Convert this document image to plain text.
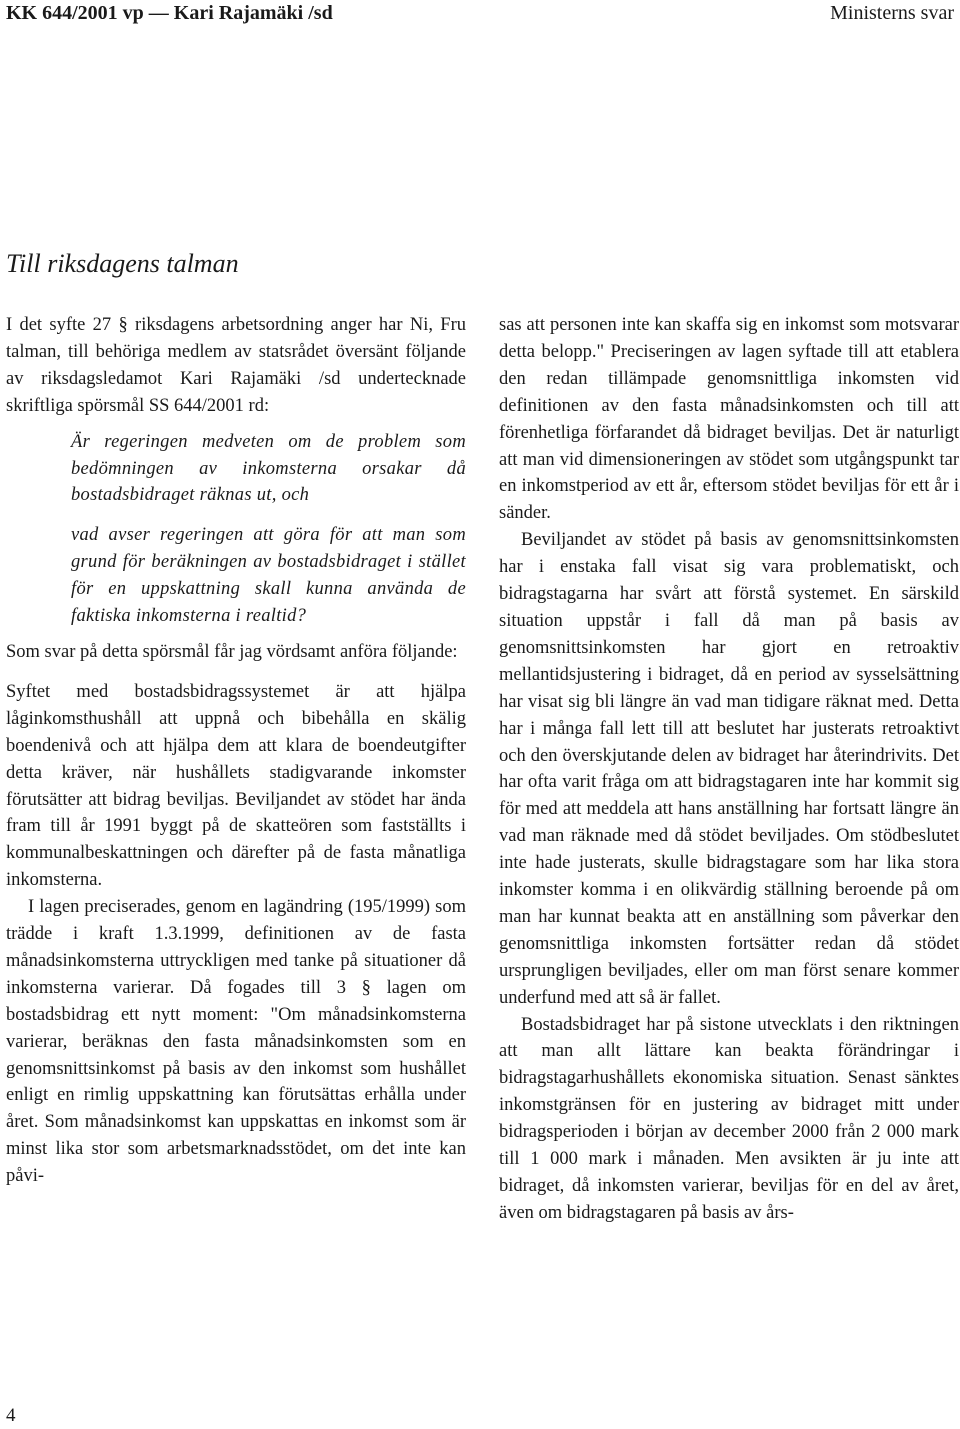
KK 644/2001 vp — Kari Rajamäki /sd	Ministerns svar
Till riksdagens talman

I det syfte 27 § riksdagens arbetsordning anger har Ni, Fru talman, till behöriga medlem av statsrådet översänt följande av riksdagsledamot Kari Rajamäki /sd undertecknade skriftliga spörsmål SS 644/2001 rd:

Är regeringen medveten om de problem som bedömningen av inkomsterna orsakar då bostadsbidraget räknas ut, och

vad avser regeringen att göra för att man som grund för beräkningen av bostadsbidraget i stället för en uppskattning skall kunna använda de faktiska inkomsterna i realtid?

Som svar på detta spörsmål får jag vördsamt anföra följande:

Syftet med bostadsbidragssystemet är att hjälpa låginkomsthushåll att uppnå och bibehålla en skälig boendenivå och att hjälpa dem att klara de boendeutgifter detta kräver, när hushållets stadigvarande inkomster förutsätter att bidrag beviljas. Beviljandet av stödet har ända fram till år 1991 byggt på de skatteören som fastställts i kommunalbeskattningen och därefter på de fasta månatliga inkomsterna.

I lagen preciserades, genom en lagändring (195/1999) som trädde i kraft 1.3.1999, definitionen av de fasta månadsinkomsterna uttryckligen med tanke på situationer då inkomsterna varierar. Då fogades till 3 § lagen om bostadsbidrag ett nytt moment: "Om månadsinkomsterna varierar, beräknas den fasta månadsinkomsten som en genomsnittsinkomst på basis av den inkomst som hushållet enligt en rimlig uppskattning kan förutsättas erhålla under året. Som månadsinkomst kan uppskattas en inkomst som är minst lika stor som arbetsmarknadsstödet, om det inte kan påvi-

sas att personen inte kan skaffa sig en inkomst som motsvarar detta belopp." Preciseringen av lagen syftade till att etablera den redan tillämpade genomsnittliga inkomsten vid definitionen av den fasta månadsinkomsten och till att förenhetliga förfarandet då bidraget beviljas. Det är naturligt att man vid dimensioneringen av stödet som utgångspunkt tar en inkomstperiod av ett år, eftersom stödet beviljas för ett år i sänder.

Beviljandet av stödet på basis av genomsnittsinkomsten har i enstaka fall visat sig vara problematiskt, och bidragstagarna har svårt att förstå systemet. En särskild situation uppstår i fall då man på basis av genomsnittsinkomsten har gjort en retroaktiv mellantidsjustering i bidraget, då en period av sysselsättning har visat sig bli längre än vad man tidigare räknat med. Detta har i många fall lett till att beslutet har justerats retroaktivt och den överskjutande delen av bidraget har återindrivits. Det har ofta varit fråga om att bidragstagaren inte har kommit sig för med att meddela att hans anställning har fortsatt längre än vad man räknade med då stödet beviljades. Om stödbeslutet inte hade justerats, skulle bidragstagare som har lika stora inkomster komma i en olikvärdig ställning beroende på om man har kunnat beakta att en anställning som påverkar den genomsnittliga inkomsten fortsätter redan då stödet ursprungligen beviljades, eller om man först senare kommer underfund med att så är fallet.

Bostadsbidraget har på sistone utvecklats i den riktningen att man allt lättare kan beakta förändringar i bidragstagarhushållets ekonomiska situation. Senast sänktes inkomstgränsen för en justering av bidraget mitt under bidragsperioden i början av december 2000 från 2 000 mark till 1 000 mark i månaden. Men avsikten är ju inte att bidraget, då inkomsten varierar, beviljas för en del av året, även om bidragstagaren på basis av års-

4
